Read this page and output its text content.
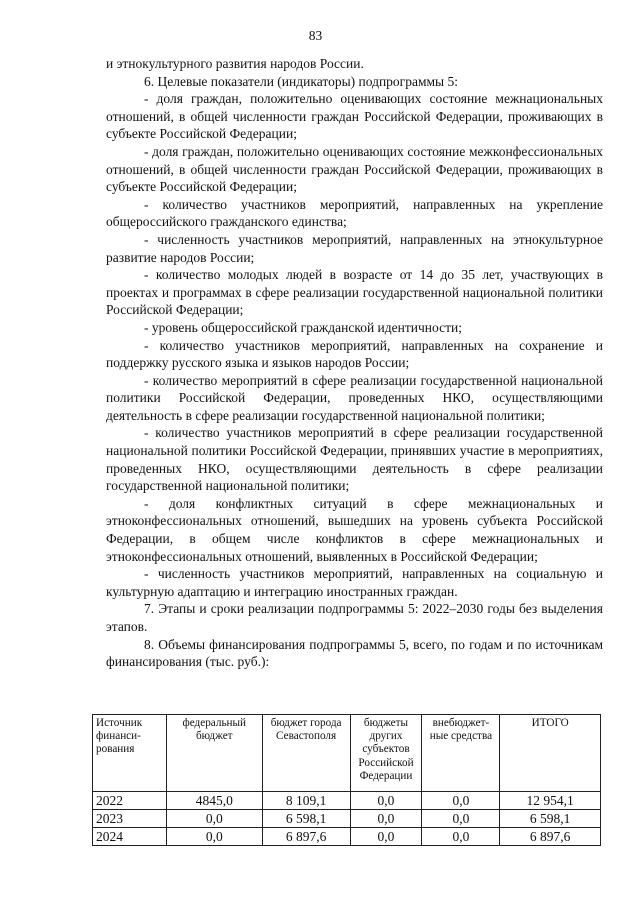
83

и этнокультурного развития народов России.

6. Целевые показатели (индикаторы) подпрограммы 5:

- доля граждан, положительно оценивающих состояние межнациональных отношений, в общей численности граждан Российской Федерации, проживающих в субъекте Российской Федерации;

- доля граждан, положительно оценивающих состояние межконфессиональных отношений, в общей численности граждан Российской Федерации, проживающих в субъекте Российской Федерации;

- количество участников мероприятий, направленных на укрепление общероссийского гражданского единства;

- численность участников мероприятий, направленных на этнокультурное развитие народов России;

- количество молодых людей в возрасте от 14 до 35 лет, участвующих в проектах и программах в сфере реализации государственной национальной политики Российской Федерации;

- уровень общероссийской гражданской идентичности;

- количество участников мероприятий, направленных на сохранение и поддержку русского языка и языков народов России;

- количество мероприятий в сфере реализации государственной национальной политики Российской Федерации, проведенных НКО, осуществляющими деятельность в сфере реализации государственной национальной политики;

- количество участников мероприятий в сфере реализации государственной национальной политики Российской Федерации, принявших участие в мероприятиях, проведенных НКО, осуществляющими деятельность в сфере реализации государственной национальной политики;

- доля конфликтных ситуаций в сфере межнациональных и этноконфессиональных отношений, вышедших на уровень субъекта Российской Федерации, в общем числе конфликтов в сфере межнациональных и этноконфессиональных отношений, выявленных в Российской Федерации;

- численность участников мероприятий, направленных на социальную и культурную адаптацию и интеграцию иностранных граждан.

7. Этапы и сроки реализации подпрограммы 5: 2022–2030 годы без выделения этапов.

8. Объемы финансирования подпрограммы 5, всего, по годам и по источникам финансирования (тыс. руб.):

Источник финанси-рования	федеральный бюджет	бюджет города Севастополя	бюджеты других субъектов Российской Федерации	внебюджет-ные средства	ИТОГО
2022	4845,0	8 109,1	0,0	0,0	12 954,1
2023	0,0	6 598,1	0,0	0,0	6 598,1
2024	0,0	6 897,6	0,0	0,0	6 897,6
